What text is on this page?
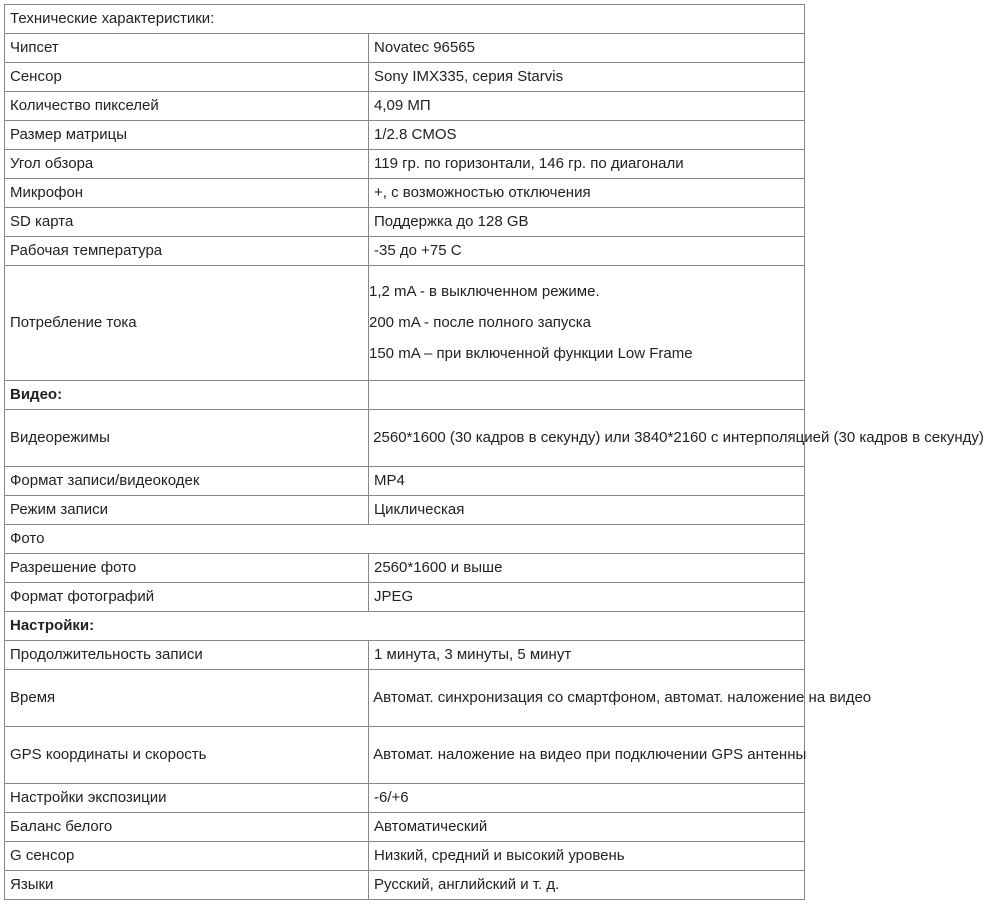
Технические характеристики:	
Чипсет	Novatec 96565
Сенсор	Sony IMX335, серия Starvis
Количество пикселей	4,09 МП
Размер матрицы	1/2.8 CMOS
Угол обзора	119 гр. по горизонтали, 146 гр. по диагонали
Микрофон	+, с возможностью отключения
SD карта	Поддержка до 128 GB
Рабочая температура	-35 до +75 С
Потребление тока	1,2 mA - в выключенном режиме.
200 mA - после полного запуска
150 mA – при включенной функции Low Frame

Видео:	
Видеорежимы	2560*1600 (30 кадров в секунду) или 3840*2160 с интерполяцией (30 кадров в секунду)
Формат записи/видеокодек	MP4
Режим записи	Циклическая
Фото	
Разрешение фото	2560*1600 и выше
Формат фотографий	JPEG
Настройки:	
Продолжительность записи	1 минута, 3 минуты, 5 минут
Время	Автомат. синхронизация со смартфоном, автомат. наложение на видео
GPS координаты и скорость	Автомат. наложение на видео при подключении GPS антенны
Настройки экспозиции	-6/+6
Баланс белого	Автоматический
G сенсор	Низкий, средний и высокий уровень
Языки	Русский, английский и т. д.
